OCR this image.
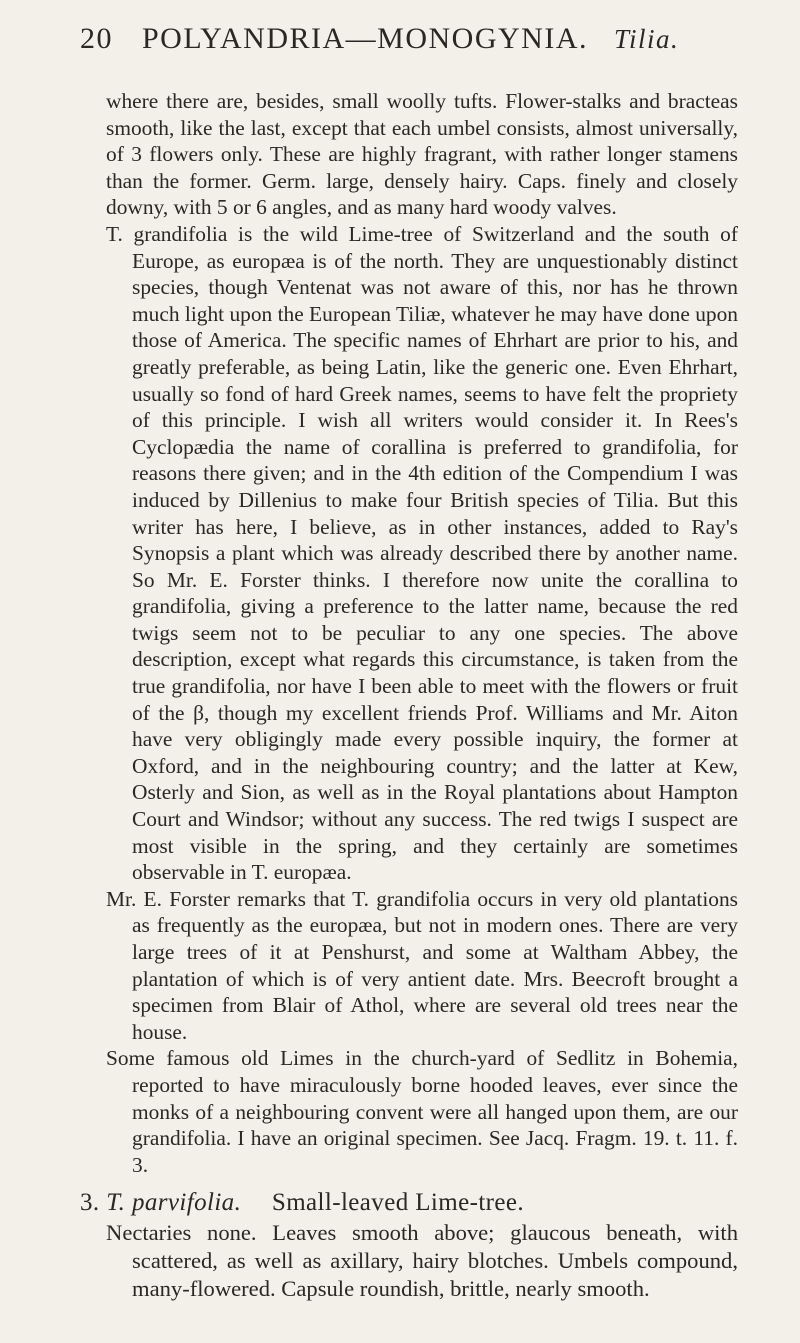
20 POLYANDRIA—MONOGYNIA. Tilia.

where there are, besides, small woolly tufts. Flower-stalks and bracteas smooth, like the last, except that each umbel consists, almost universally, of 3 flowers only. These are highly fragrant, with rather longer stamens than the former. Germ. large, densely hairy. Caps. finely and closely downy, with 5 or 6 angles, and as many hard woody valves.

T. grandifolia is the wild Lime-tree of Switzerland and the south of Europe, as europæa is of the north. They are unquestionably distinct species, though Ventenat was not aware of this, nor has he thrown much light upon the European Tiliæ, whatever he may have done upon those of America. The specific names of Ehrhart are prior to his, and greatly preferable, as being Latin, like the generic one. Even Ehrhart, usually so fond of hard Greek names, seems to have felt the propriety of this principle. I wish all writers would consider it. In Rees's Cyclopædia the name of corallina is preferred to grandifolia, for reasons there given; and in the 4th edition of the Compendium I was induced by Dillenius to make four British species of Tilia. But this writer has here, I believe, as in other instances, added to Ray's Synopsis a plant which was already described there by another name. So Mr. E. Forster thinks. I therefore now unite the corallina to grandifolia, giving a preference to the latter name, because the red twigs seem not to be peculiar to any one species. The above description, except what regards this circumstance, is taken from the true grandifolia, nor have I been able to meet with the flowers or fruit of the β, though my excellent friends Prof. Williams and Mr. Aiton have very obligingly made every possible inquiry, the former at Oxford, and in the neighbouring country; and the latter at Kew, Osterly and Sion, as well as in the Royal plantations about Hampton Court and Windsor; without any success. The red twigs I suspect are most visible in the spring, and they certainly are sometimes observable in T. europæa.

Mr. E. Forster remarks that T. grandifolia occurs in very old plantations as frequently as the europæa, but not in modern ones. There are very large trees of it at Penshurst, and some at Waltham Abbey, the plantation of which is of very antient date. Mrs. Beecroft brought a specimen from Blair of Athol, where are several old trees near the house.

Some famous old Limes in the church-yard of Sedlitz in Bohemia, reported to have miraculously borne hooded leaves, ever since the monks of a neighbouring convent were all hanged upon them, are our grandifolia. I have an original specimen. See Jacq. Fragm. 19. t. 11. f. 3.

3. T. parvifolia. Small-leaved Lime-tree.

Nectaries none. Leaves smooth above; glaucous beneath, with scattered, as well as axillary, hairy blotches. Umbels compound, many-flowered. Capsule roundish, brittle, nearly smooth.
